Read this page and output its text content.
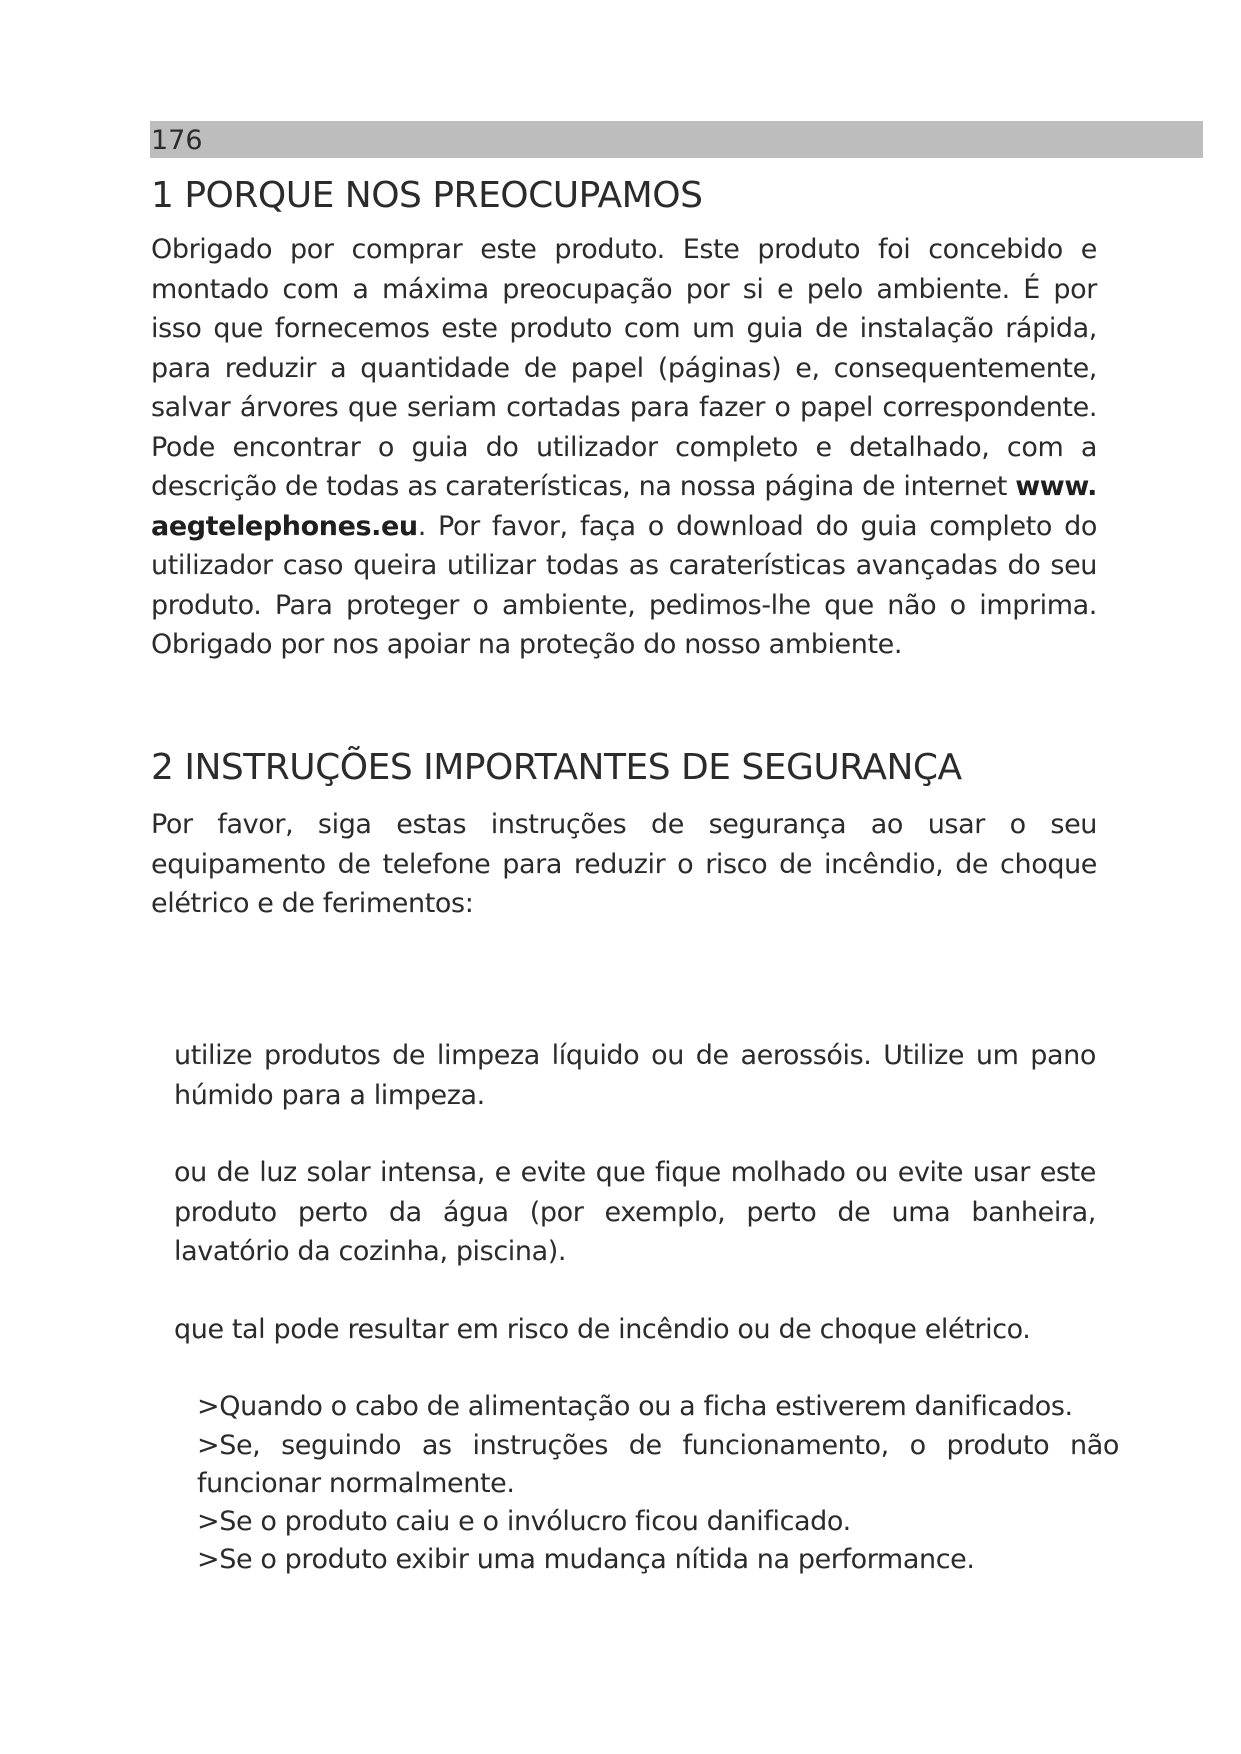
176
1 PORQUE NOS PREOCUPAMOS

Obrigado por comprar este produto. Este produto foi concebido e montado com a máxima preocupação por si e pelo ambiente. É por isso que fornecemos este produto com um guia de instalação rápida, para reduzir a quantidade de papel (páginas) e, consequentemente, salvar árvores que seriam cortadas para fazer o papel correspondente. Pode encontrar o guia do utilizador completo e detalhado, com a descrição de todas as caraterísticas, na nossa página de internet www. aegtelephones.eu. Por favor, faça o download do guia completo do utilizador caso queira utilizar todas as caraterísticas avançadas do seu produto. Para proteger o ambiente, pedimos-lhe que não o imprima. Obrigado por nos apoiar na proteção do nosso ambiente.

2 INSTRUÇÕES IMPORTANTES DE SEGURANÇA

Por favor, siga estas instruções de segurança ao usar o seu equipamento de telefone para reduzir o risco de incêndio, de choque elétrico e de ferimentos:

utilize produtos de limpeza líquido ou de aerossóis. Utilize um pano húmido para a limpeza.

ou de luz solar intensa, e evite que fique molhado ou evite usar este produto perto da água (por exemplo, perto de uma banheira, lavatório da cozinha, piscina).

que tal pode resultar em risco de incêndio ou de choque elétrico.

>Quando o cabo de alimentação ou a ficha estiverem danificados.

>Se, seguindo as instruções de funcionamento, o produto não funcionar normalmente.

>Se o produto caiu e o invólucro ficou danificado.

>Se o produto exibir uma mudança nítida na performance.
